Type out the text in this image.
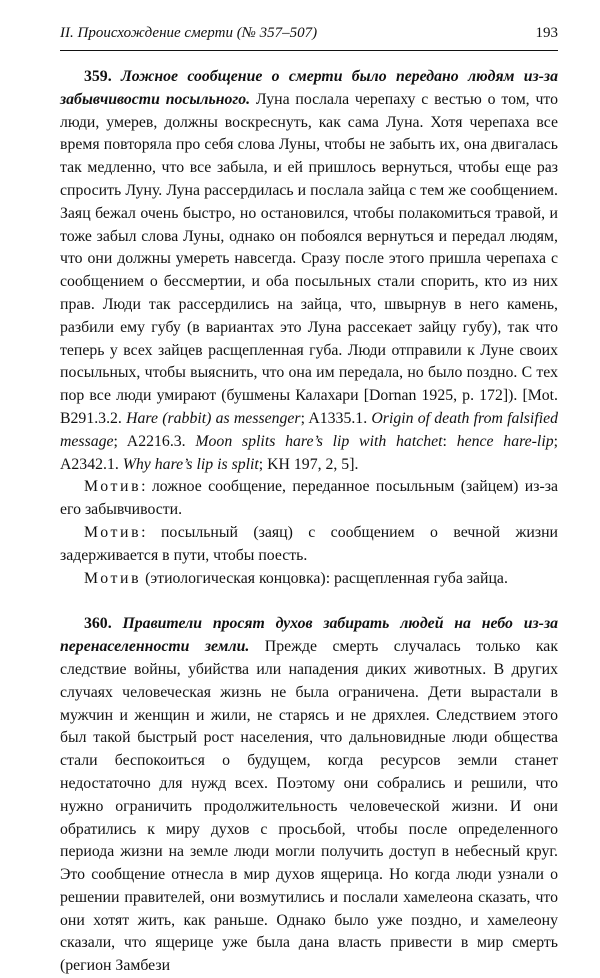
II. Происхождение смерти (№ 357–507)	193

359. Ложное сообщение о смерти было передано людям из-за забывчивости посыльного. Луна послала черепаху с вестью о том, что люди, умерев, должны воскреснуть, как сама Луна. Хотя черепаха все время повторяла про себя слова Луны, чтобы не забыть их, она двигалась так медленно, что все забыла, и ей пришлось вернуться, чтобы еще раз спросить Луну. Луна рассердилась и послала зайца с тем же сообщением. Заяц бежал очень быстро, но остановился, чтобы полакомиться травой, и тоже забыл слова Луны, однако он побоялся вернуться и передал людям, что они должны умереть навсегда. Сразу после этого пришла черепаха с сообщением о бессмертии, и оба посыльных стали спорить, кто из них прав. Люди так рассердились на зайца, что, швырнув в него камень, разбили ему губу (в вариантах это Луна рассекает зайцу губу), так что теперь у всех зайцев расщепленная губа. Люди отправили к Луне своих посыльных, чтобы выяснить, что она им передала, но было поздно. С тех пор все люди умирают (бушмены Калахари [Dornan 1925, p. 172]). [Mot. B291.3.2. Hare (rabbit) as messenger; A1335.1. Origin of death from falsified message; A2216.3. Moon splits hare’s lip with hatchet: hence hare-lip; A2342.1. Why hare’s lip is split; KH 197, 2, 5].

Мотив: ложное сообщение, переданное посыльным (зайцем) из-за его забывчивости.

Мотив: посыльный (заяц) с сообщением о вечной жизни задерживается в пути, чтобы поесть.

Мотив (этиологическая концовка): расщепленная губа зайца.

360. Правители просят духов забирать людей на небо из-за перенаселенности земли. Прежде смерть случалась только как следствие войны, убийства или нападения диких животных. В других случаях человеческая жизнь не была ограничена. Дети вырастали в мужчин и женщин и жили, не старясь и не дряхлея. Следствием этого был такой быстрый рост населения, что дальновидные люди общества стали беспокоиться о будущем, когда ресурсов земли станет недостаточно для нужд всех. Поэтому они собрались и решили, что нужно ограничить продолжительность человеческой жизни. И они обратились к миру духов с просьбой, чтобы после определенного периода жизни на земле люди могли получить доступ в небесный круг. Это сообщение отнесла в мир духов ящерица. Но когда люди узнали о решении правителей, они возмутились и послали хамелеона сказать, что они хотят жить, как раньше. Однако было уже поздно, и хамелеону сказали, что ящерице уже была дана власть привести в мир смерть (регион Замбези
